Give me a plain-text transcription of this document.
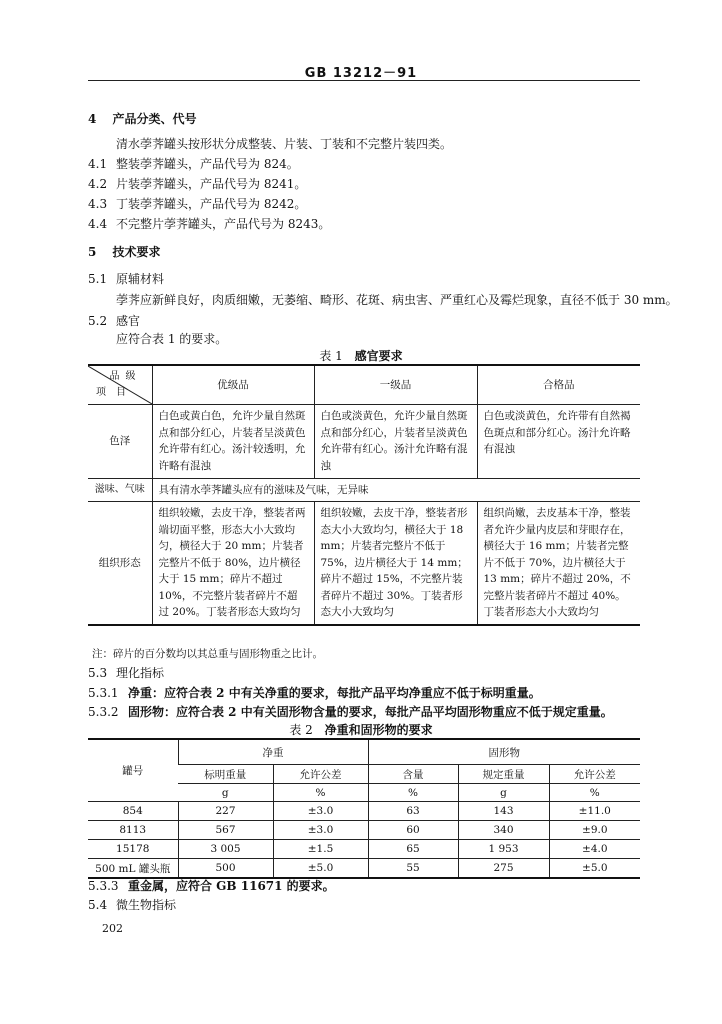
GB 13212－91
4 产品分类、代号
清水荸荠罐头按形状分成整装、片装、丁装和不完整片装四类。
4.1 整装荸荠罐头，产品代号为 824。
4.2 片装荸荠罐头，产品代号为 8241。
4.3 丁装荸荠罐头，产品代号为 8242。
4.4 不完整片荸荠罐头，产品代号为 8243。
5 技术要求
5.1 原辅材料
荸荠应新鲜良好，肉质细嫩，无萎缩、畸形、花斑、病虫害、严重红心及霉烂现象，直径不低于 30 mm。
5.2 感官
应符合表 1 的要求。
表 1 感官要求
品级
项目	优级品	一级品	合格品
色泽	白色或黄白色，允许少量自然斑点和部分红心，片装者呈淡黄色允许带有红心。汤汁较透明，允许略有混浊	白色或淡黄色，允许少量自然斑点和部分红心，片装者呈淡黄色允许带有红心。汤汁允许略有混浊	白色或淡黄色，允许带有自然褐色斑点和部分红心。汤汁允许略有混浊
滋味、气味	具有清水荸荠罐头应有的滋味及气味，无异味		
组织形态	组织较嫩，去皮干净，整装者两端切面平整，形态大小大致均匀，横径大于 20 mm；片装者完整片不低于 80%，边片横径大于 15 mm；碎片不超过 10%，不完整片装者碎片不超过 20%。丁装者形态大致均匀	组织较嫩，去皮干净，整装者形态大小大致均匀，横径大于 18 mm；片装者完整片不低于 75%，边片横径大于 14 mm；碎片不超过 15%，不完整片装者碎片不超过 30%。丁装者形态大小大致均匀	组织尚嫩，去皮基本干净，整装者允许少量内皮层和芽眼存在，横径大于 16 mm；片装者完整片不低于 70%，边片横径大于 13 mm；碎片不超过 20%，不完整片装者碎片不超过 40%。丁装者形态大小大致均匀
注：碎片的百分数均以其总重与固形物重之比计。
5.3 理化指标
5.3.1 净重：应符合表 2 中有关净重的要求，每批产品平均净重应不低于标明重量。
5.3.2 固形物：应符合表 2 中有关固形物含量的要求，每批产品平均固形物重应不低于规定重量。
表 2 净重和固形物的要求
罐号	净重		固形物		
	标明重量	允许公差	含量	规定重量	允许公差
	g	%	%	g	%
854	227	±3.0	63	143	±11.0
8113	567	±3.0	60	340	±9.0
15178	3 005	±1.5	65	1 953	±4.0
500 mL 罐头瓶	500	±5.0	55	275	±5.0
5.3.3 重金属，应符合 GB 11671 的要求。
5.4 微生物指标
202
